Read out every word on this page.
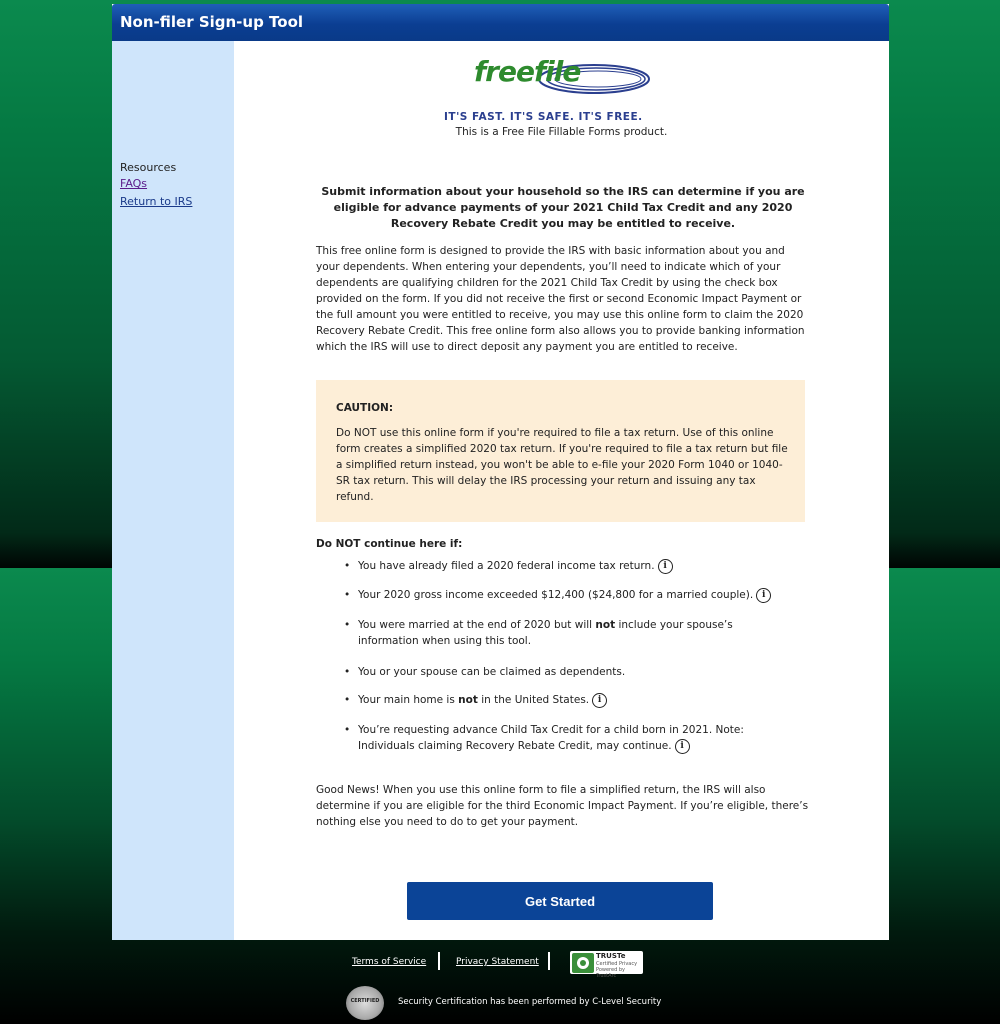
Non-filer Sign-up Tool
Resources
FAQs
Return to IRS
freefile
IT'S FAST. IT'S SAFE. IT'S FREE.
This is a Free File Fillable Forms product.
Submit information about your household so the IRS can determine if you are eligible for advance payments of your 2021 Child Tax Credit and any 2020 Recovery Rebate Credit you may be entitled to receive.
This free online form is designed to provide the IRS with basic information about you and your dependents. When entering your dependents, you’ll need to indicate which of your dependents are qualifying children for the 2021 Child Tax Credit by using the check box provided on the form. If you did not receive the first or second Economic Impact Payment or the full amount you were entitled to receive, you may use this online form to claim the 2020 Recovery Rebate Credit. This free online form also allows you to provide banking information which the IRS will use to direct deposit any payment you are entitled to receive.
CAUTION:
Do NOT use this online form if you're required to file a tax return. Use of this online form creates a simplified 2020 tax return. If you're required to file a tax return but file a simplified return instead, you won't be able to e-file your 2020 Form 1040 or 1040-SR tax return. This will delay the IRS processing your return and issuing any tax refund.
Do NOT continue here if:
• You have already filed a 2020 federal income tax return. i
• Your 2020 gross income exceeded $12,400 ($24,800 for a married couple). i
• You were married at the end of 2020 but will not include your spouse’s information when using this tool.
• You or your spouse can be claimed as dependents.
• Your main home is not in the United States. i
• You’re requesting advance Child Tax Credit for a child born in 2021. Note: Individuals claiming Recovery Rebate Credit, may continue. i
Good News! When you use this online form to file a simplified return, the IRS will also determine if you are eligible for the third Economic Impact Payment. If you’re eligible, there’s nothing else you need to do to get your payment.
Get Started
Terms of Service	Privacy Statement
TRUSTe
Certified Privacy
Powered by TrustArc
CERTIFIED	Security Certification has been performed by C-Level Security
